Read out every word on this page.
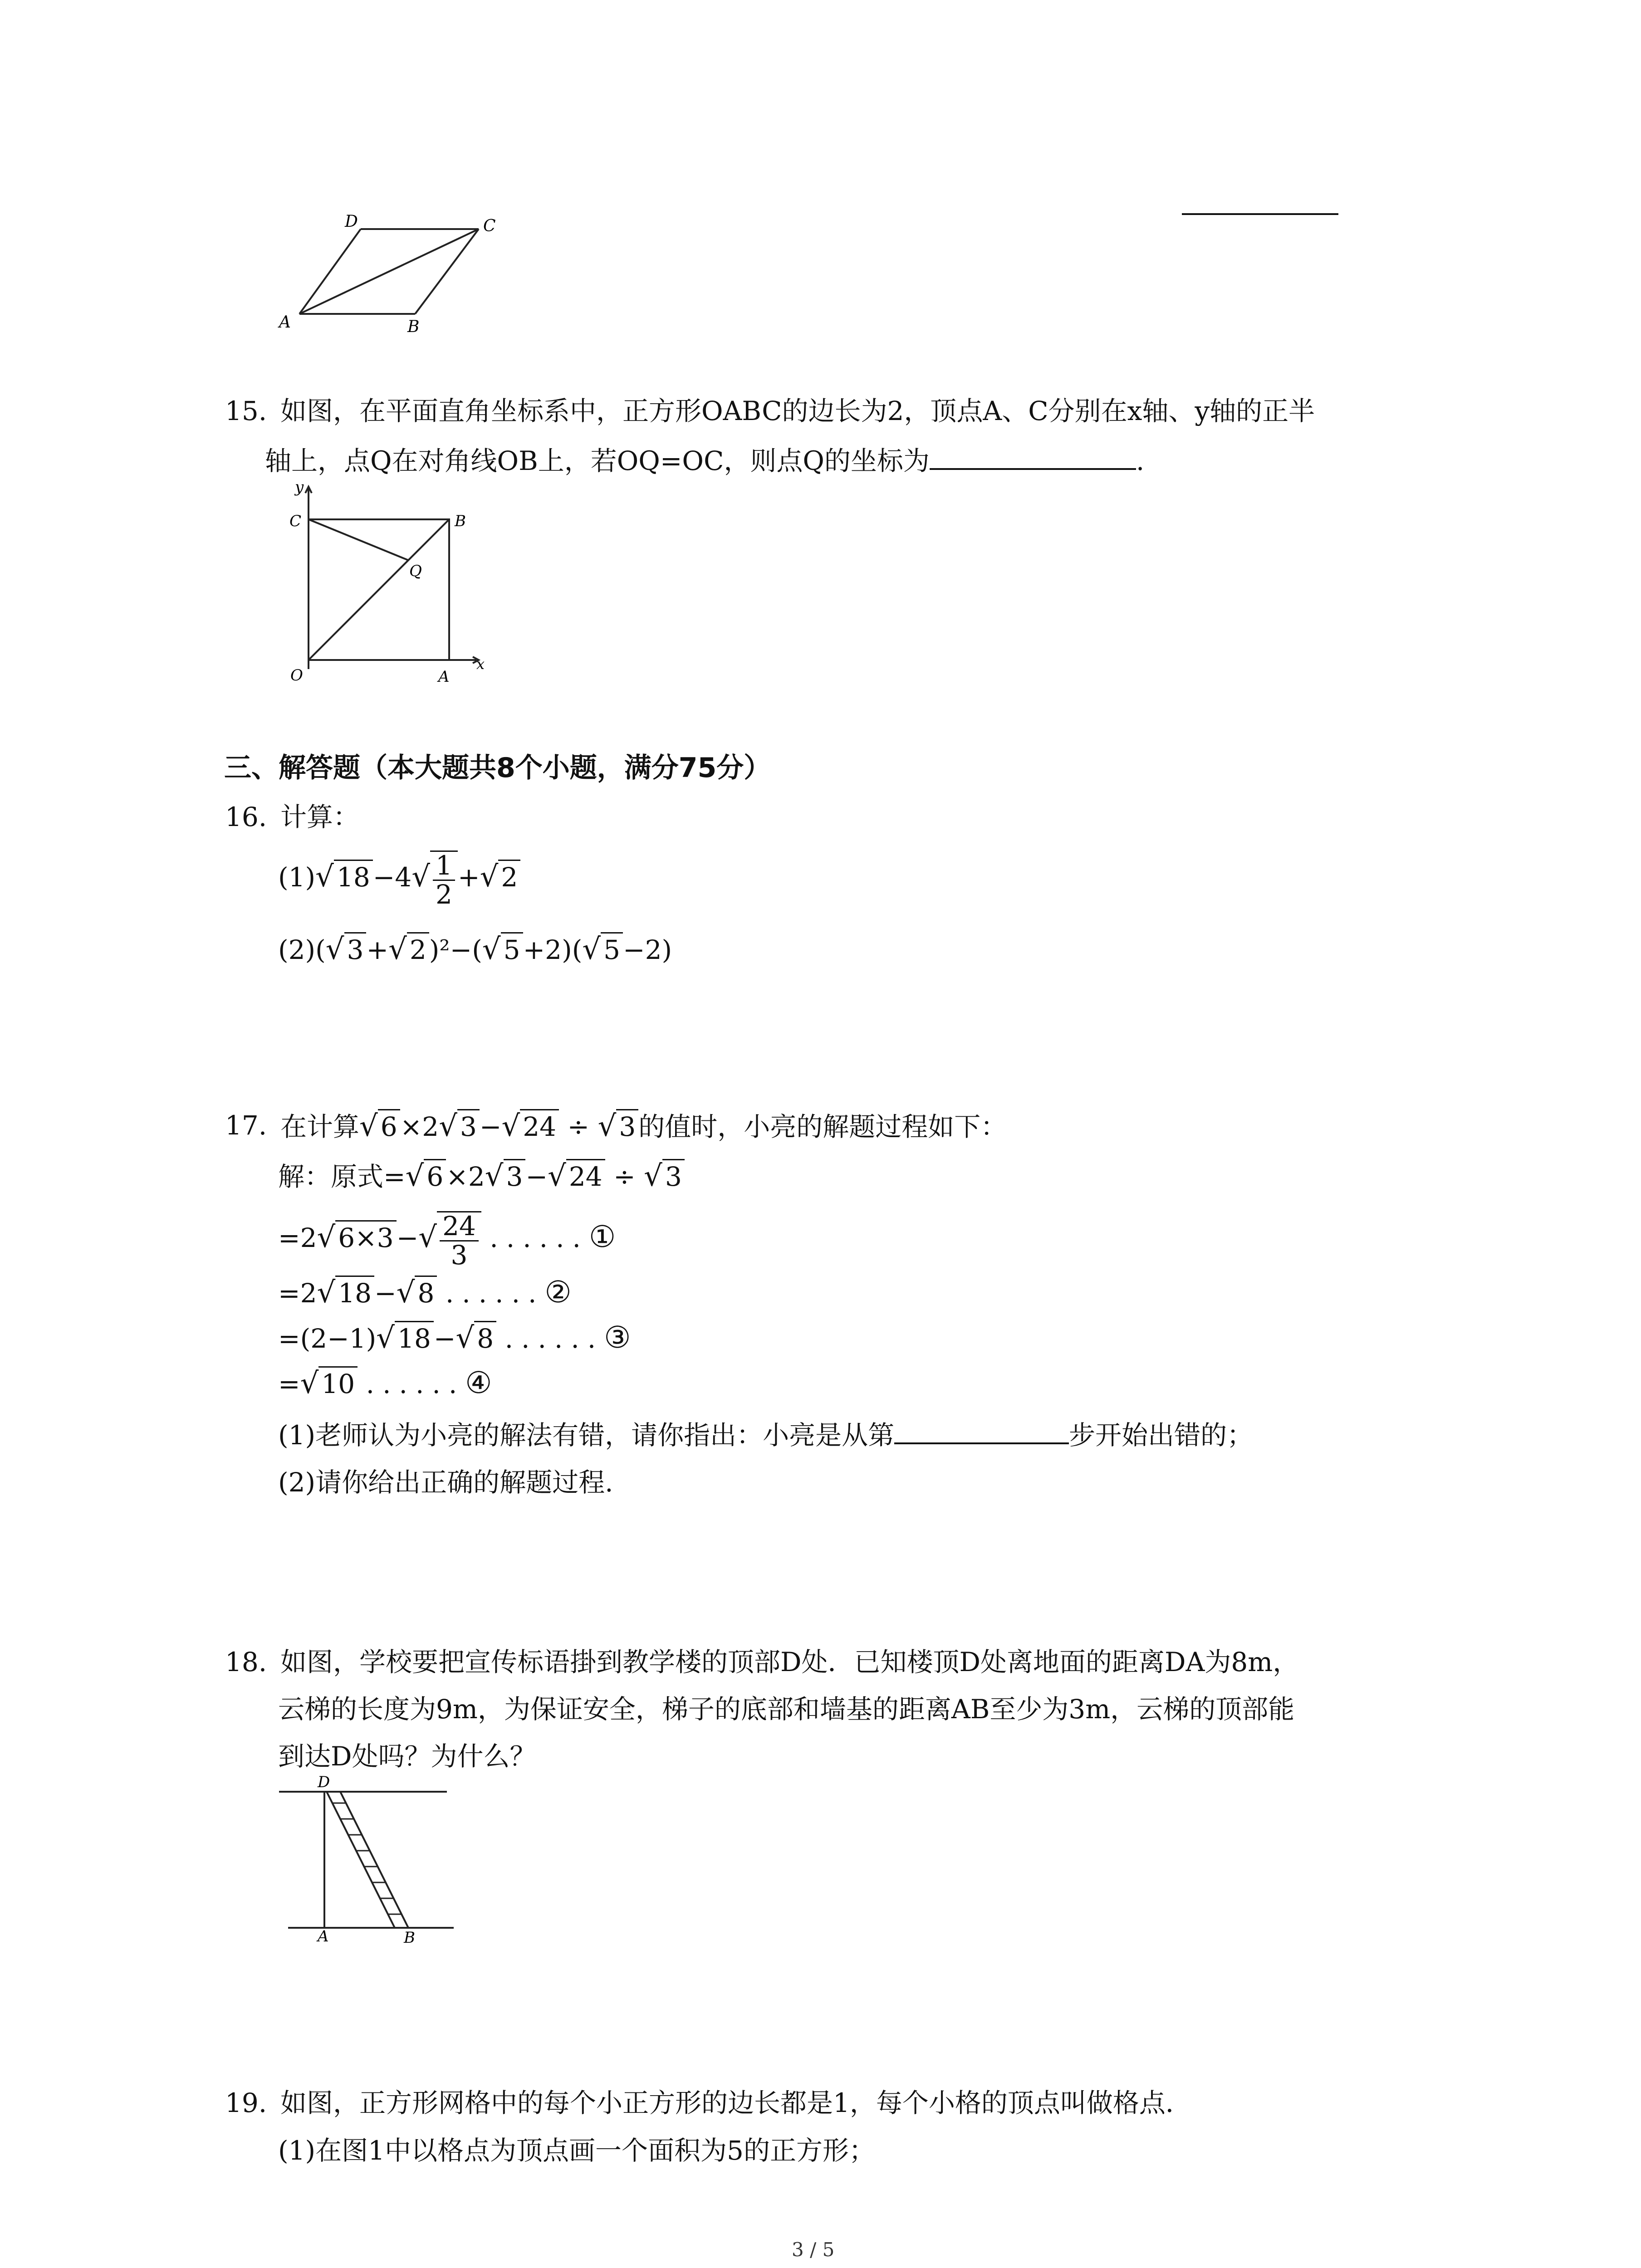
D	C
A	B
15. 如图，在平面直角坐标系中，正方形OABC的边长为2，顶点A、C分别在x轴、y轴的正半
轴上，点Q在对角线OB上，若OQ=OC，则点Q的坐标为	.
y
C	B
Q
O	A
x
三、解答题（本大题共8个小题，满分75分）
16. 计算：
(1)√ $18 -4√ \frac{1}{2}$ +√ 2
(2)(√ 3 +√ 2 )²−(√ 5 +2)(√ 5 −2)
17. 在计算√ 6 ×2√ 3 −√ 24 ÷ √ 3 的值时，小亮的解题过程如下：
解：原式=√ 6 ×2√ 3 −√ 24 ÷ √ 3
=2√ 6×3 −√ $\frac{24}{3}$ ......①
=2√ 18 −√ 8 ......②
=(2−1)√ 18 −√ 8 ......③
=√ 10 ......④
(1)老师认为小亮的解法有错，请你指出：小亮是从第	步开始出错的；
(2)请你给出正确的解题过程.
18. 如图，学校要把宣传标语掛到教学楼的顶部D处．已知楼顶D处离地面的距离DA为8m，
云梯的长度为9m，为保证安全，梯子的底部和墙基的距离AB至少为3m，云梯的顶部能
到达D处吗？为什么？
D
A	B
19. 如图，正方形网格中的每个小正方形的边长都是1，每个小格的顶点叫做格点．
(1)在图1中以格点为顶点画一个面积为5的正方形；
3 / 5
